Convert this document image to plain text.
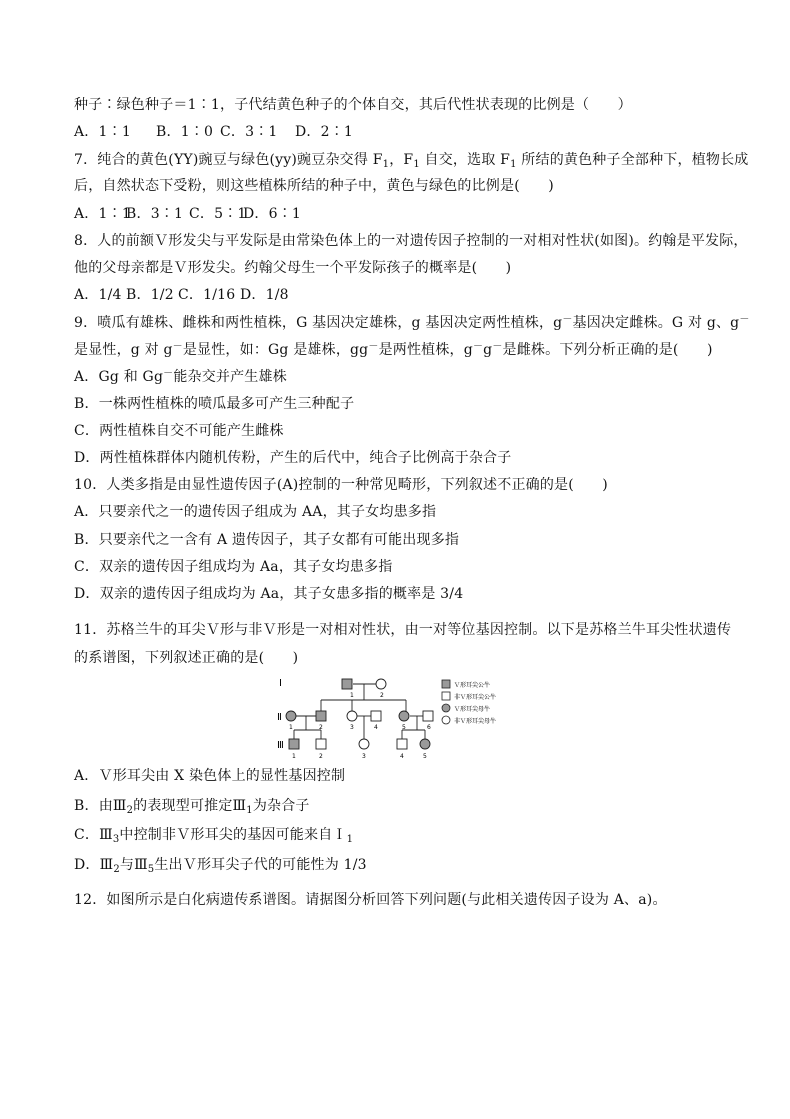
种子∶绿色种子＝1∶1，子代结黄色种子的个体自交，其后代性状表现的比例是（　　）
A．1∶1 B．1∶0 C．3∶1 D．2∶1
7．纯合的黄色(YY)豌豆与绿色(yy)豌豆杂交得 $F_1$，$F_1$ 自交，选取 $F_1$ 所结的黄色种子全部种下，植物长成
后，自然状态下受粉，则这些植株所结的种子中，黄色与绿色的比例是(　　)
A．1∶1B．3∶1 C．5∶1D．6∶1
8．人的前额Ｖ形发尖与平发际是由常染色体上的一对遗传因子控制的一对相对性状(如图)。约翰是平发际，
他的父母亲都是Ｖ形发尖。约翰父母生一个平发际孩子的概率是(　　)
A．1/4 B．1/2 C．1/16 D．1/8
9．喷瓜有雄株、雌株和两性植株，G 基因决定雄株，g 基因决定两性植株，g－基因决定雌株。G 对 g、g－
是显性，g 对 g－是显性，如：Gg 是雄株，gg－是两性植株，g－g－是雌株。下列分析正确的是(　　)
A．Gg 和 Gg－能杂交并产生雄株
B．一株两性植株的喷瓜最多可产生三种配子
C．两性植株自交不可能产生雌株
D．两性植株群体内随机传粉，产生的后代中，纯合子比例高于杂合子
10．人类多指是由显性遗传因子(A)控制的一种常见畸形，下列叙述不正确的是(　　)
A．只要亲代之一的遗传因子组成为 AA，其子女均患多指
B．只要亲代之一含有 A 遗传因子，其子女都有可能出现多指
C．双亲的遗传因子组成均为 Aa，其子女均患多指
D．双亲的遗传因子组成均为 Aa，其子女患多指的概率是 3/4
11．苏格兰牛的耳尖Ｖ形与非Ｖ形是一对相对性状，由一对等位基因控制。以下是苏格兰牛耳尖性状遗传
的系谱图，下列叙述正确的是(　　)
I
Ⅱ
Ⅲ
1	2
1	2	3	4	5	6
1	2	3	4	5
Ｖ形耳尖公牛
非Ｖ形耳尖公牛
Ｖ形耳尖母牛
非Ｖ形耳尖母牛
A．Ｖ形耳尖由 X 染色体上的显性基因控制
B．由$Ⅲ_2$的表现型可推定$Ⅲ_1$为杂合子
C．$Ⅲ_3$中控制非Ｖ形耳尖的基因可能来自Ｉ$_1$
D．$Ⅲ_2$与$Ⅲ_5$生出Ｖ形耳尖子代的可能性为 1/3
12．如图所示是白化病遗传系谱图。请据图分析回答下列问题(与此相关遗传因子设为 A、a)。
